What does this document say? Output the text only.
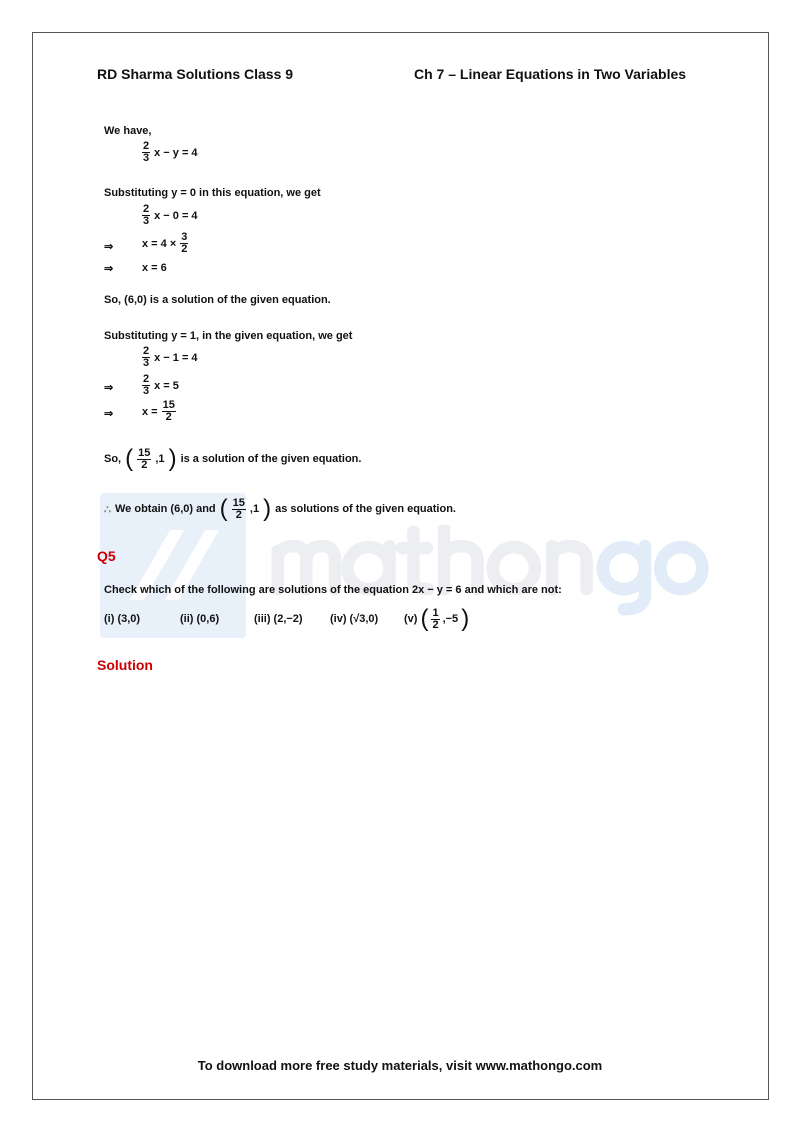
RD Sharma Solutions Class 9	Ch 7 – Linear Equations in Two Variables
We have,
2
3 x − y = 4
Substituting y = 0 in this equation, we get
2
3 x − 0 = 4
⇒	$x = 4 \times \frac{3}{2}$
⇒	x = 6
So, (6,0) is a solution of the given equation.
Substituting y = 1, in the given equation, we get
2
3 x − 1 = 4
⇒
2
3 x = 5
⇒	$x = \frac{15}{2}$
So, ( 15
2 ,1 ) is a solution of the given equation.
∴ We obtain (6,0) and ( 15
2 ,1 ) as solutions of the given equation.
Q5
Check which of the following are solutions of the equation 2x − y = 6 and which are not:
(i) (3,0)	(ii) (0,6)	(iii) (2,−2)	(iv) (√3,0)	(v) ( 1
2 ,−5 )
Solution
To download more free study materials, visit www.mathongo.com
